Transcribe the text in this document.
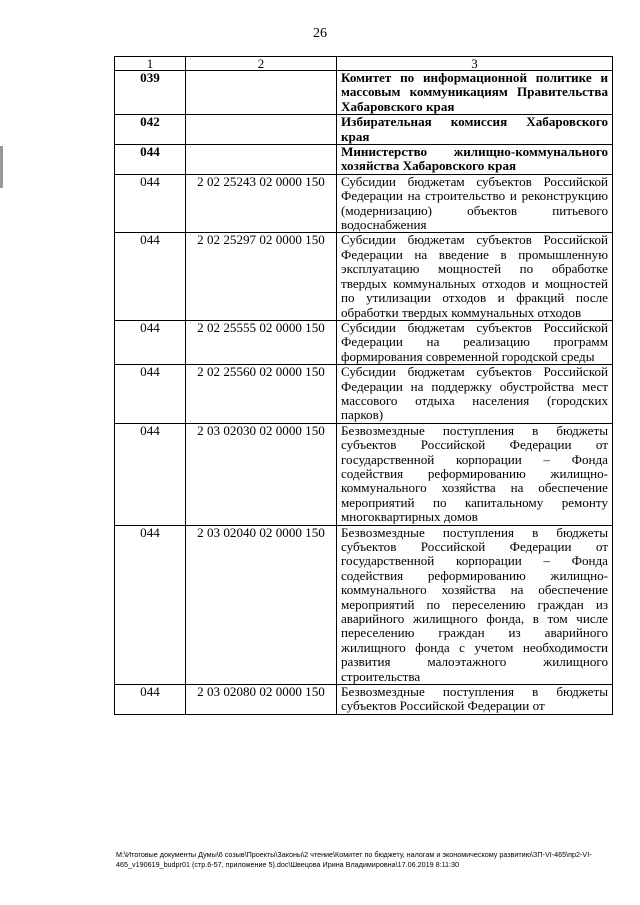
26
1	2	3
039		Комитет по информационной политике и массовым коммуникациям Правительства Хабаровского края
042		Избирательная комиссия Хабаровского края
044		Министерство жилищно-коммунального хозяйства Хабаровского края
044	2 02 25243 02 0000 150	Субсидии бюджетам субъектов Российской Федерации на строительство и реконструкцию (модернизацию) объектов питьевого водоснабжения
044	2 02 25297 02 0000 150	Субсидии бюджетам субъектов Российской Федерации на введение в промышленную эксплуатацию мощностей по обработке твердых коммунальных отходов и мощностей по утилизации отходов и фракций после обработки твердых коммунальных отходов
044	2 02 25555 02 0000 150	Субсидии бюджетам субъектов Российской Федерации на реализацию программ формирования современной городской среды
044	2 02 25560 02 0000 150	Субсидии бюджетам субъектов Российской Федерации на поддержку обустройства мест массового отдыха населения (городских парков)
044	2 03 02030 02 0000 150	Безвозмездные поступления в бюджеты субъектов Российской Федерации от государственной корпорации – Фонда содействия реформированию жилищно-коммунального хозяйства на обеспечение мероприятий по капитальному ремонту многоквартирных домов
044	2 03 02040 02 0000 150	Безвозмездные поступления в бюджеты субъектов Российской Федерации от государственной корпорации – Фонда содействия реформированию жилищно-коммунального хозяйства на обеспечение мероприятий по переселению граждан из аварийного жилищного фонда, в том числе переселению граждан из аварийного жилищного фонда с учетом необходимости развития малоэтажного жилищного строительства
044	2 03 02080 02 0000 150	Безвозмездные поступления в бюджеты субъектов Российской Федерации от
М:\Итоговые документы Думы\6 созыв\Проекты\Законы\2 чтение\Комитет по бюджету, налогам и экономическому развитию\ЗП-VI-465\пр2-VI-
465_v190619_budpr01 (стр.6-57, приложение 5).doc\Швецова Ирина Владимировна\17.06.2019 8:11:30
